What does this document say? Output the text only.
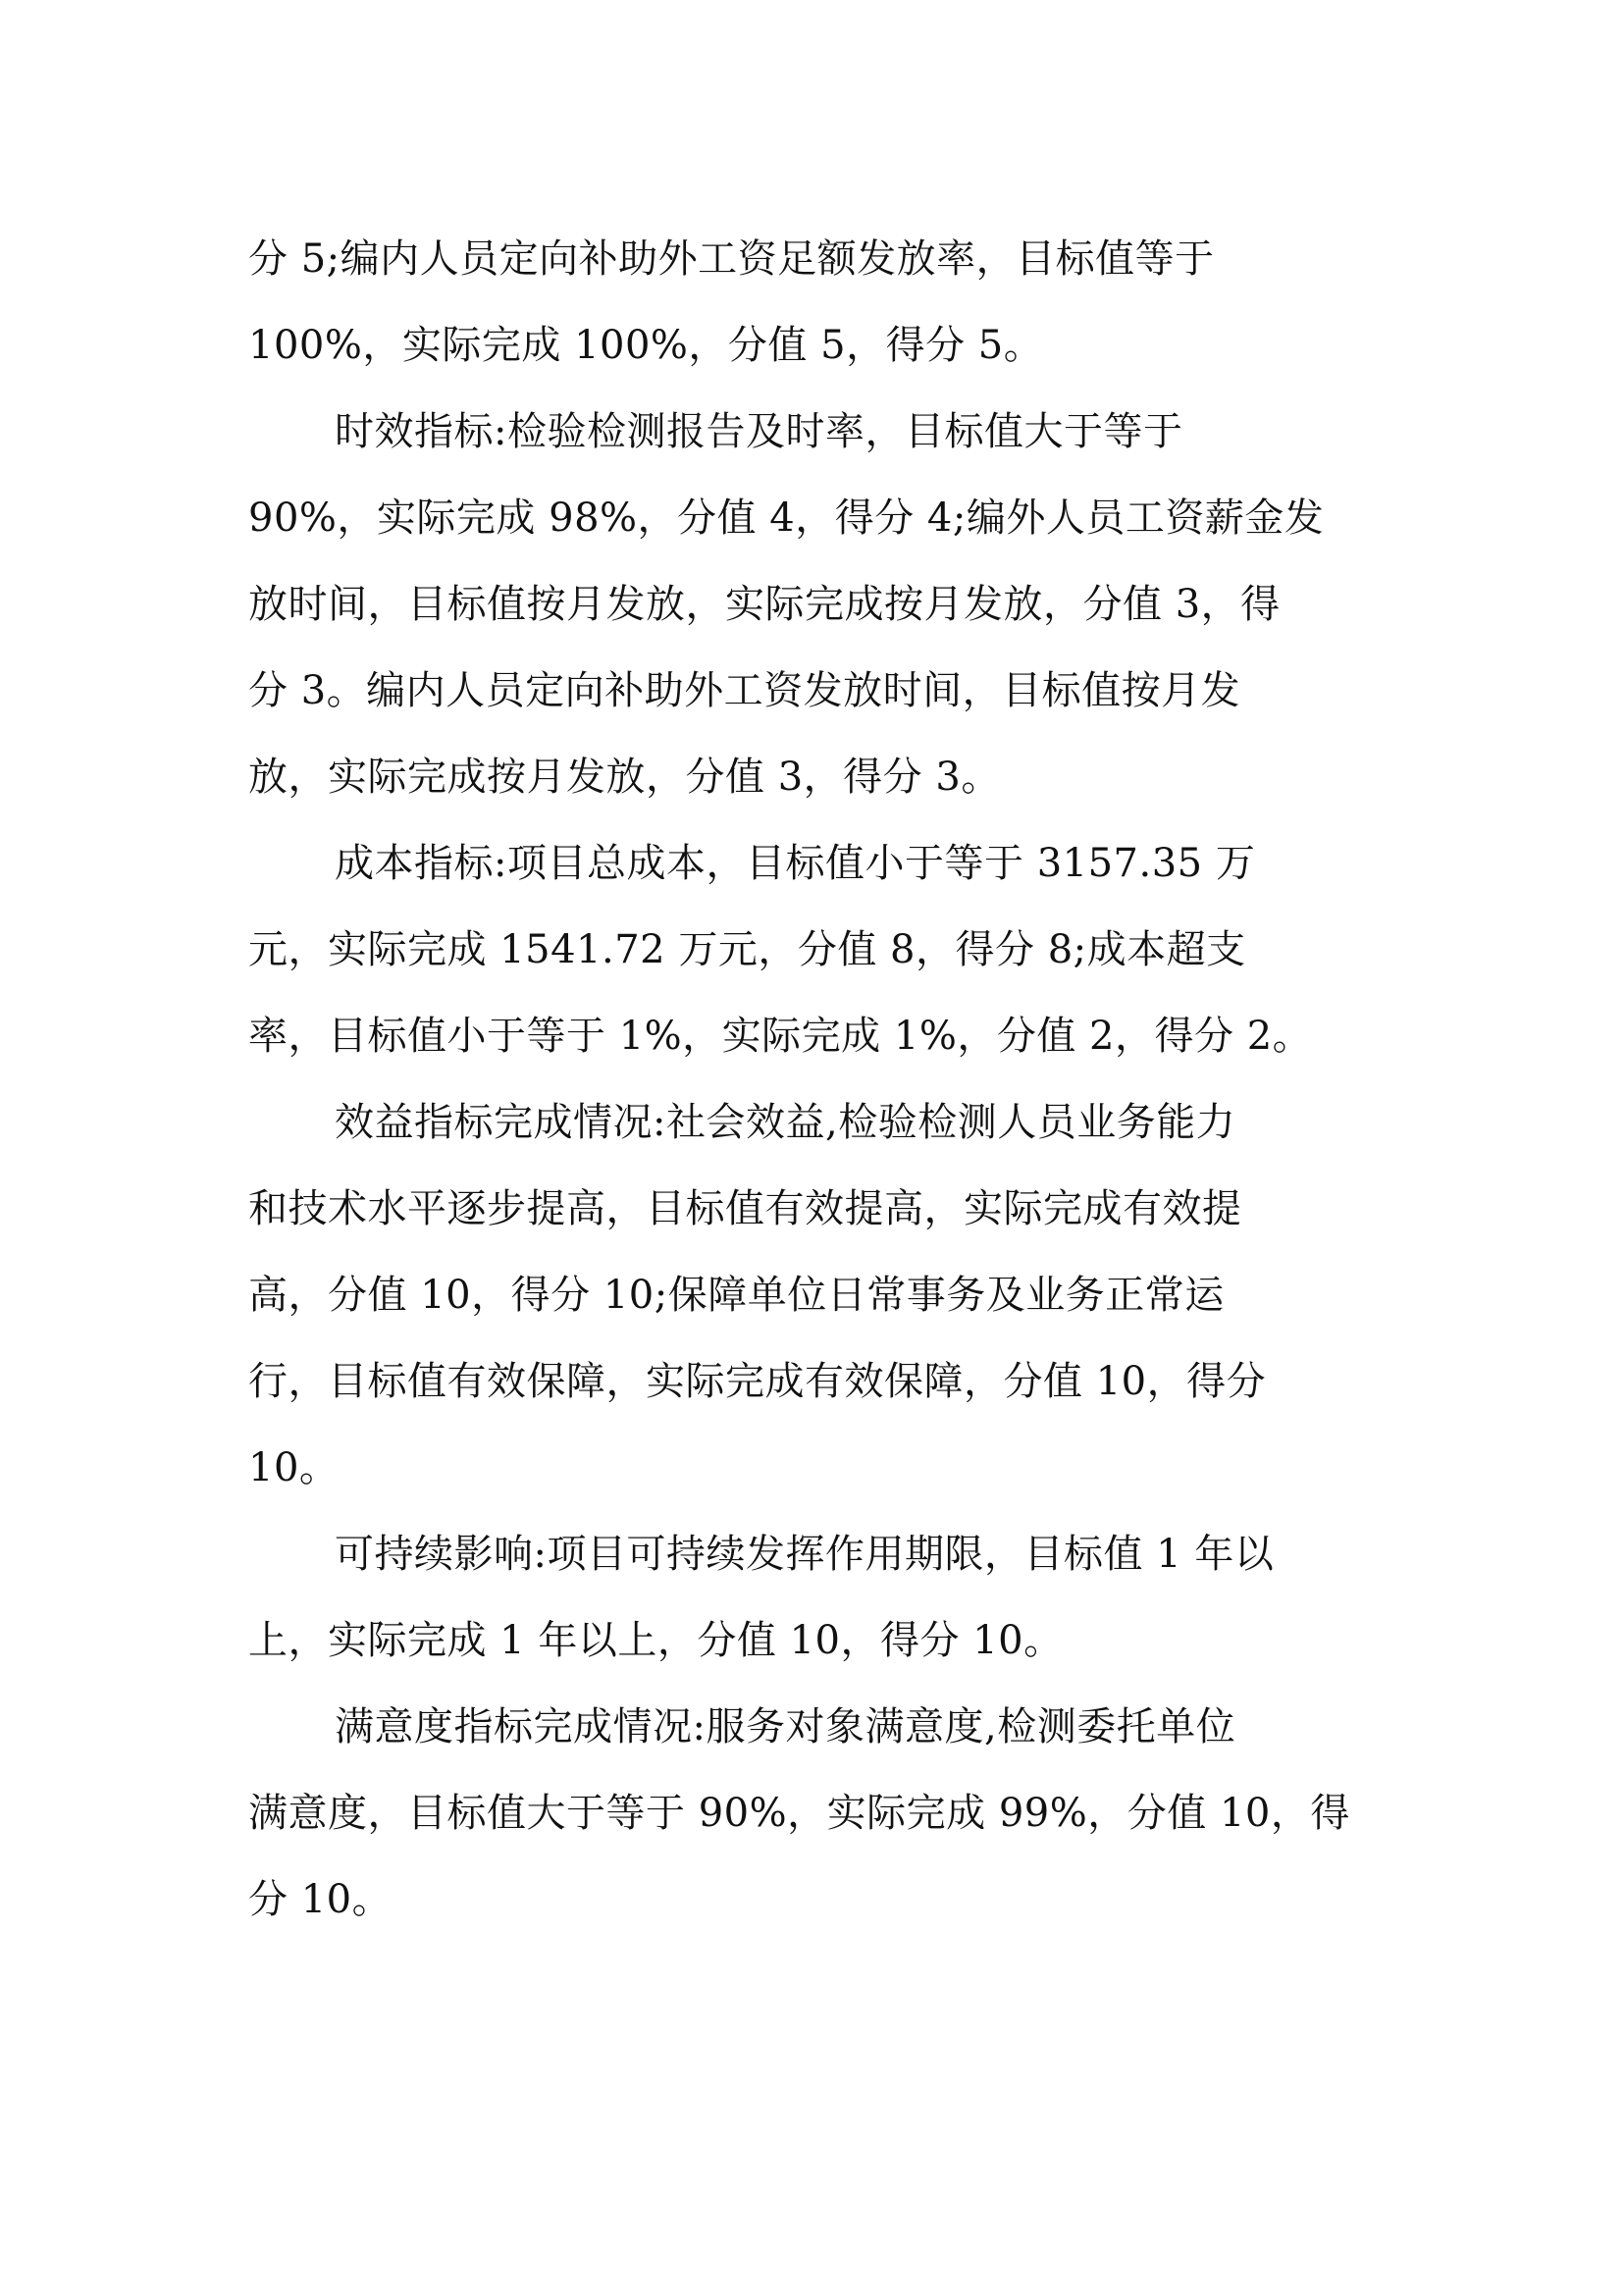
分 5;编内人员定向补助外工资足额发放率，目标值等于
100%，实际完成 100%，分值 5，得分 5。
时效指标:检验检测报告及时率，目标值大于等于
90%，实际完成 98%，分值 4，得分 4;编外人员工资薪金发
放时间，目标值按月发放，实际完成按月发放，分值 3，得
分 3。编内人员定向补助外工资发放时间，目标值按月发
放，实际完成按月发放，分值 3，得分 3。
成本指标:项目总成本，目标值小于等于 3157.35 万
元，实际完成 1541.72 万元，分值 8，得分 8;成本超支
率，目标值小于等于 1%，实际完成 1%，分值 2，得分 2。
效益指标完成情况:社会效益,检验检测人员业务能力
和技术水平逐步提高，目标值有效提高，实际完成有效提
高，分值 10，得分 10;保障单位日常事务及业务正常运
行，目标值有效保障，实际完成有效保障，分值 10，得分
10。
可持续影响:项目可持续发挥作用期限，目标值 1 年以
上，实际完成 1 年以上，分值 10，得分 10。
满意度指标完成情况:服务对象满意度,检测委托单位
满意度，目标值大于等于 90%，实际完成 99%，分值 10，得
分 10。
